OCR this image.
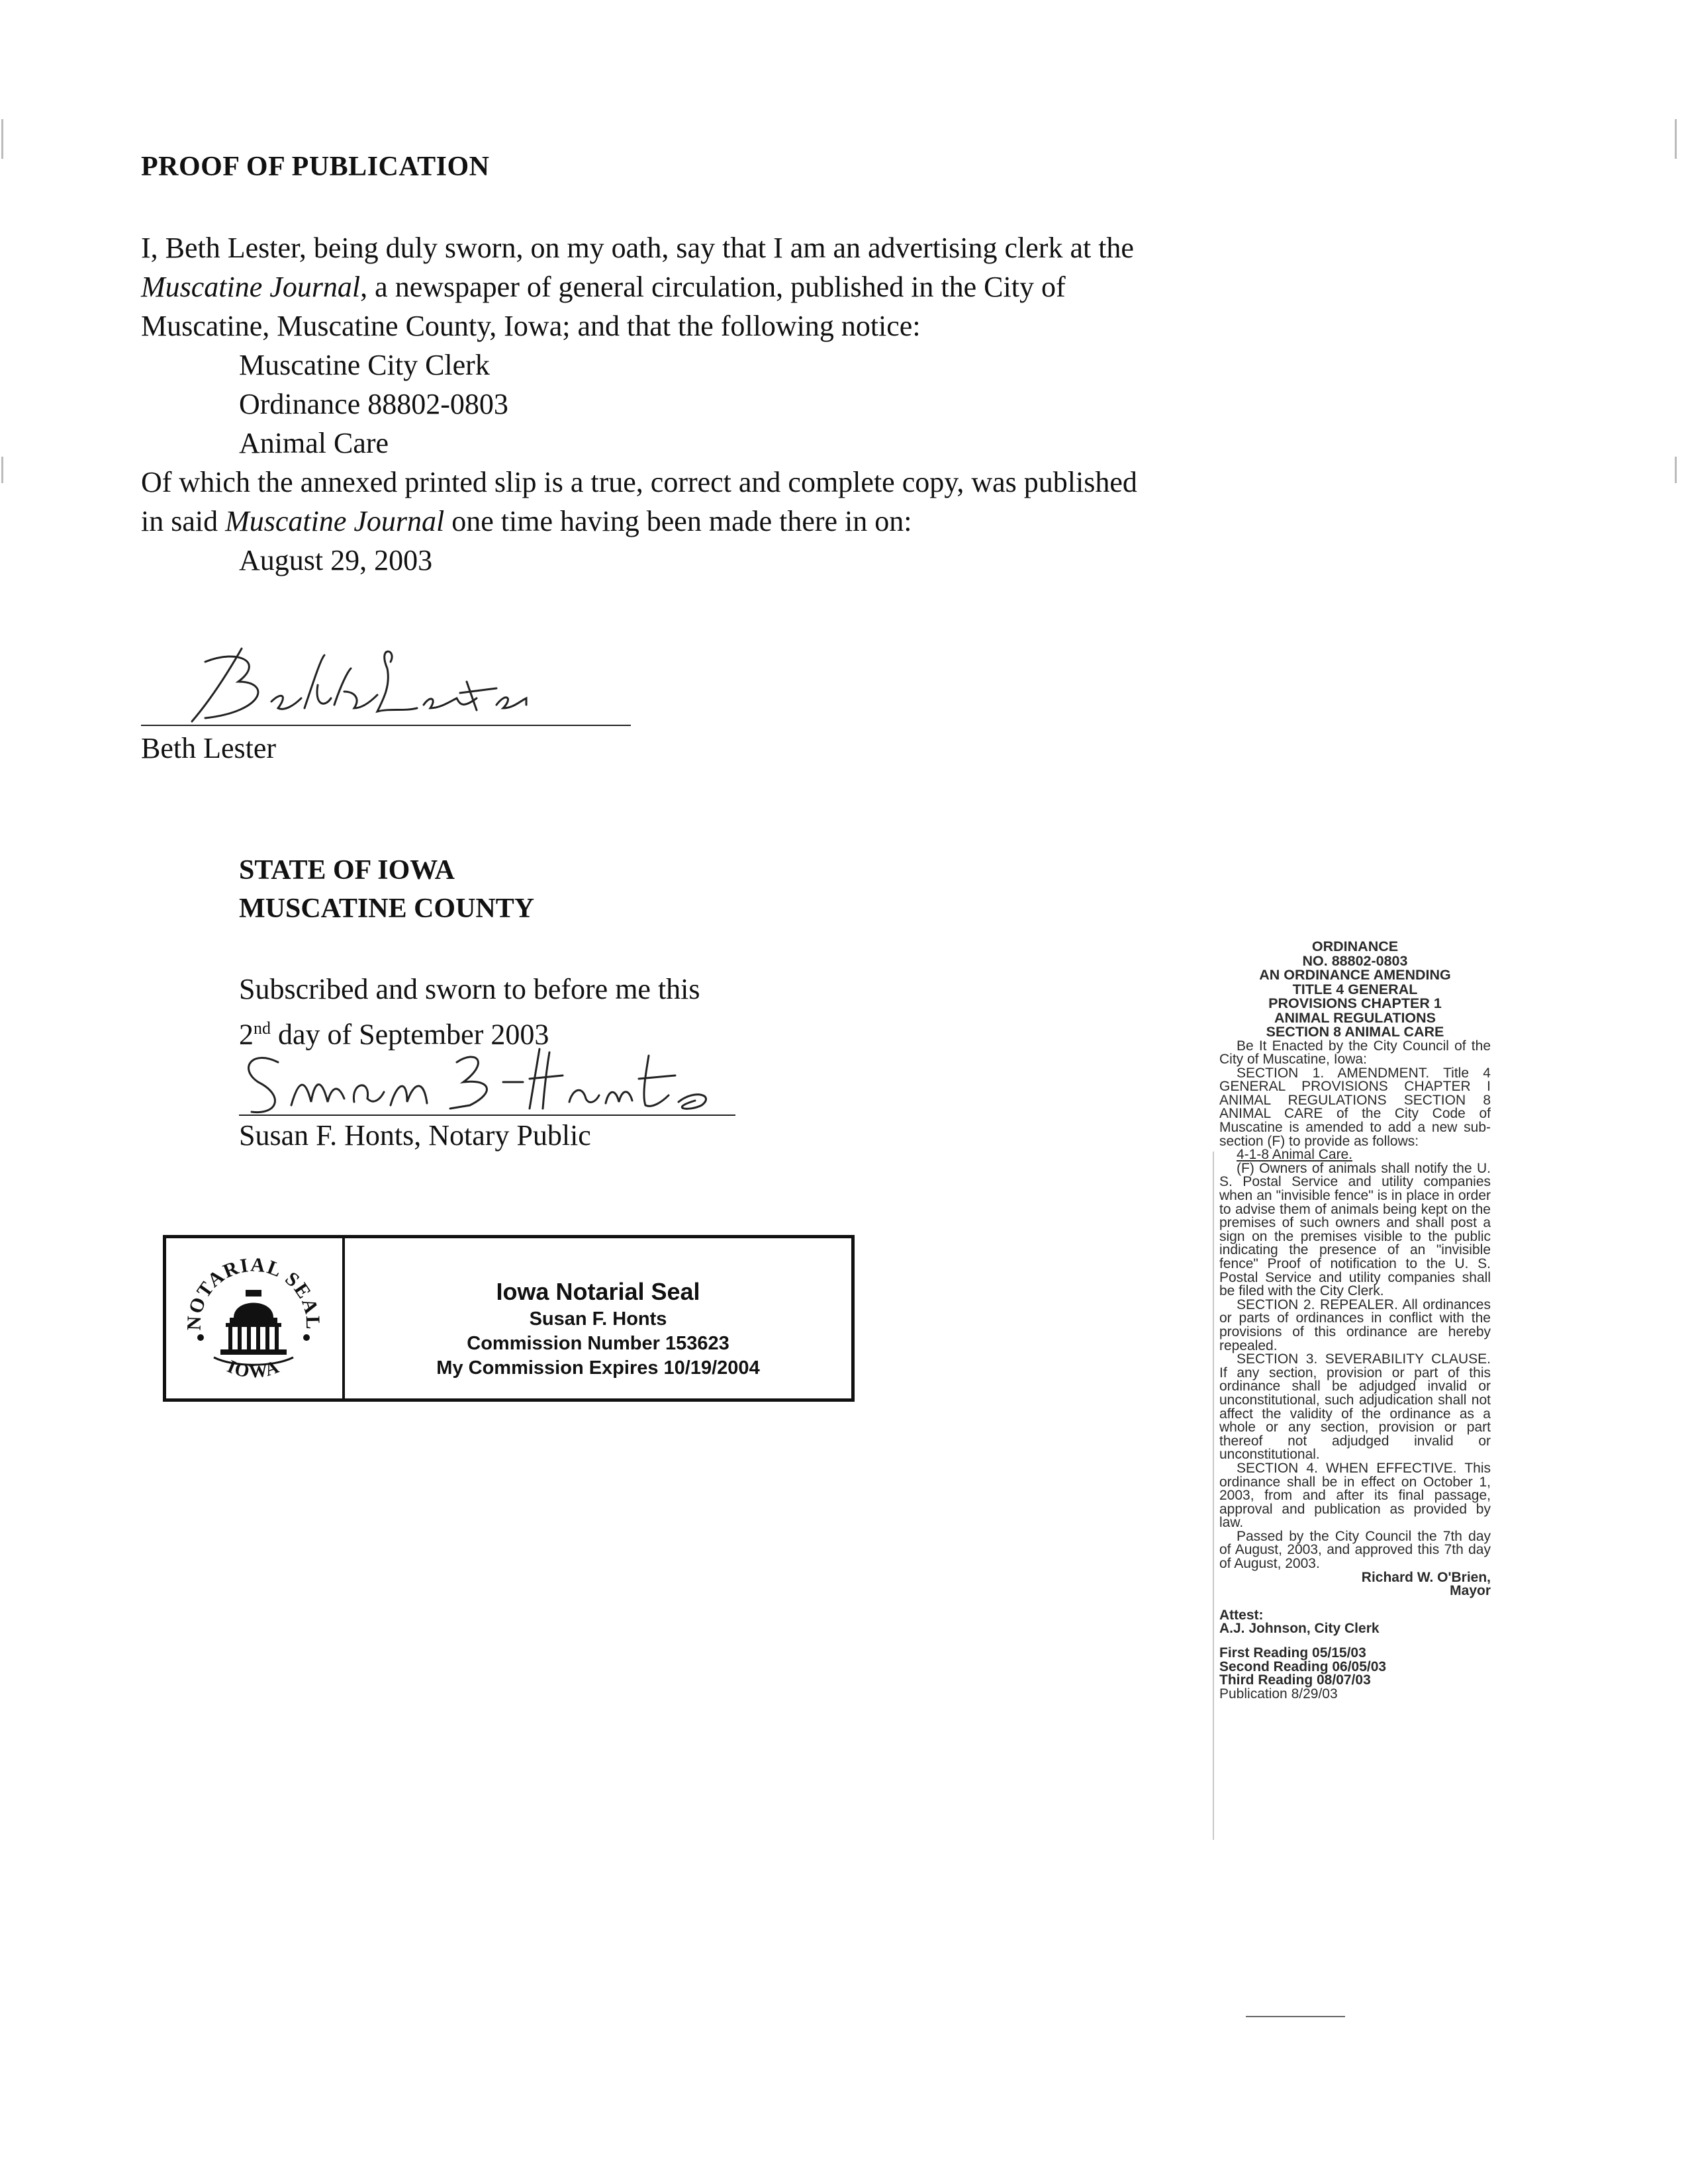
PROOF OF PUBLICATION
I, Beth Lester, being duly sworn, on my oath, say that I am an advertising clerk at the
Muscatine Journal, a newspaper of general circulation, published in the City of
Muscatine, Muscatine County, Iowa; and that the following notice:
Muscatine City Clerk
Ordinance 88802-0803
Animal Care
Of which the annexed printed slip is a true, correct and complete copy, was published
in said Muscatine Journal one time having been made there in on:
August 29, 2003
Beth Lester
STATE OF IOWA
MUSCATINE COUNTY
Subscribed and sworn to before me this
2nd day of September 2003
Susan F. Honts, Notary Public
NOTARIAL SEAL
IOWA
Iowa Notarial Seal
Susan F. Honts
Commission Number 153623
My Commission Expires 10/19/2004
ORDINANCE
NO. 88802-0803
AN ORDINANCE AMENDING
TITLE 4 GENERAL
PROVISIONS CHAPTER 1
ANIMAL REGULATIONS
SECTION 8 ANIMAL CARE

Be It Enacted by the City Council of the City of Muscatine, Iowa:

SECTION 1. AMENDMENT. Title 4 GENERAL PROVISIONS CHAPTER I ANIMAL REGULATIONS SECTION 8 ANIMAL CARE of the City Code of Muscatine is amended to add a new sub-section (F) to provide as follows:

4-1-8 Animal Care.

(F) Owners of animals shall notify the U. S. Postal Service and utility companies when an "invisible fence" is in place in order to advise them of animals being kept on the premises of such owners and shall post a sign on the premises visible to the public indicating the presence of an "invisible fence" Proof of notification to the U. S. Postal Service and utility companies shall be filed with the City Clerk.

SECTION 2. REPEALER. All ordinances or parts of ordinances in conflict with the provisions of this ordinance are hereby repealed.

SECTION 3. SEVERABILITY CLAUSE. If any section, provision or part of this ordinance shall be adjudged invalid or unconstitutional, such adjudication shall not affect the validity of the ordinance as a whole or any section, provision or part thereof not adjudged invalid or unconstitutional.

SECTION 4. WHEN EFFECTIVE. This ordinance shall be in effect on October 1, 2003, from and after its final passage, approval and publication as provided by law.

Passed by the City Council the 7th day of August, 2003, and approved this 7th day of August, 2003.

Richard W. O'Brien,
Mayor
Attest:
A.J. Johnson, City Clerk
First Reading 05/15/03
Second Reading 06/05/03
Third Reading 08/07/03
Publication 8/29/03
